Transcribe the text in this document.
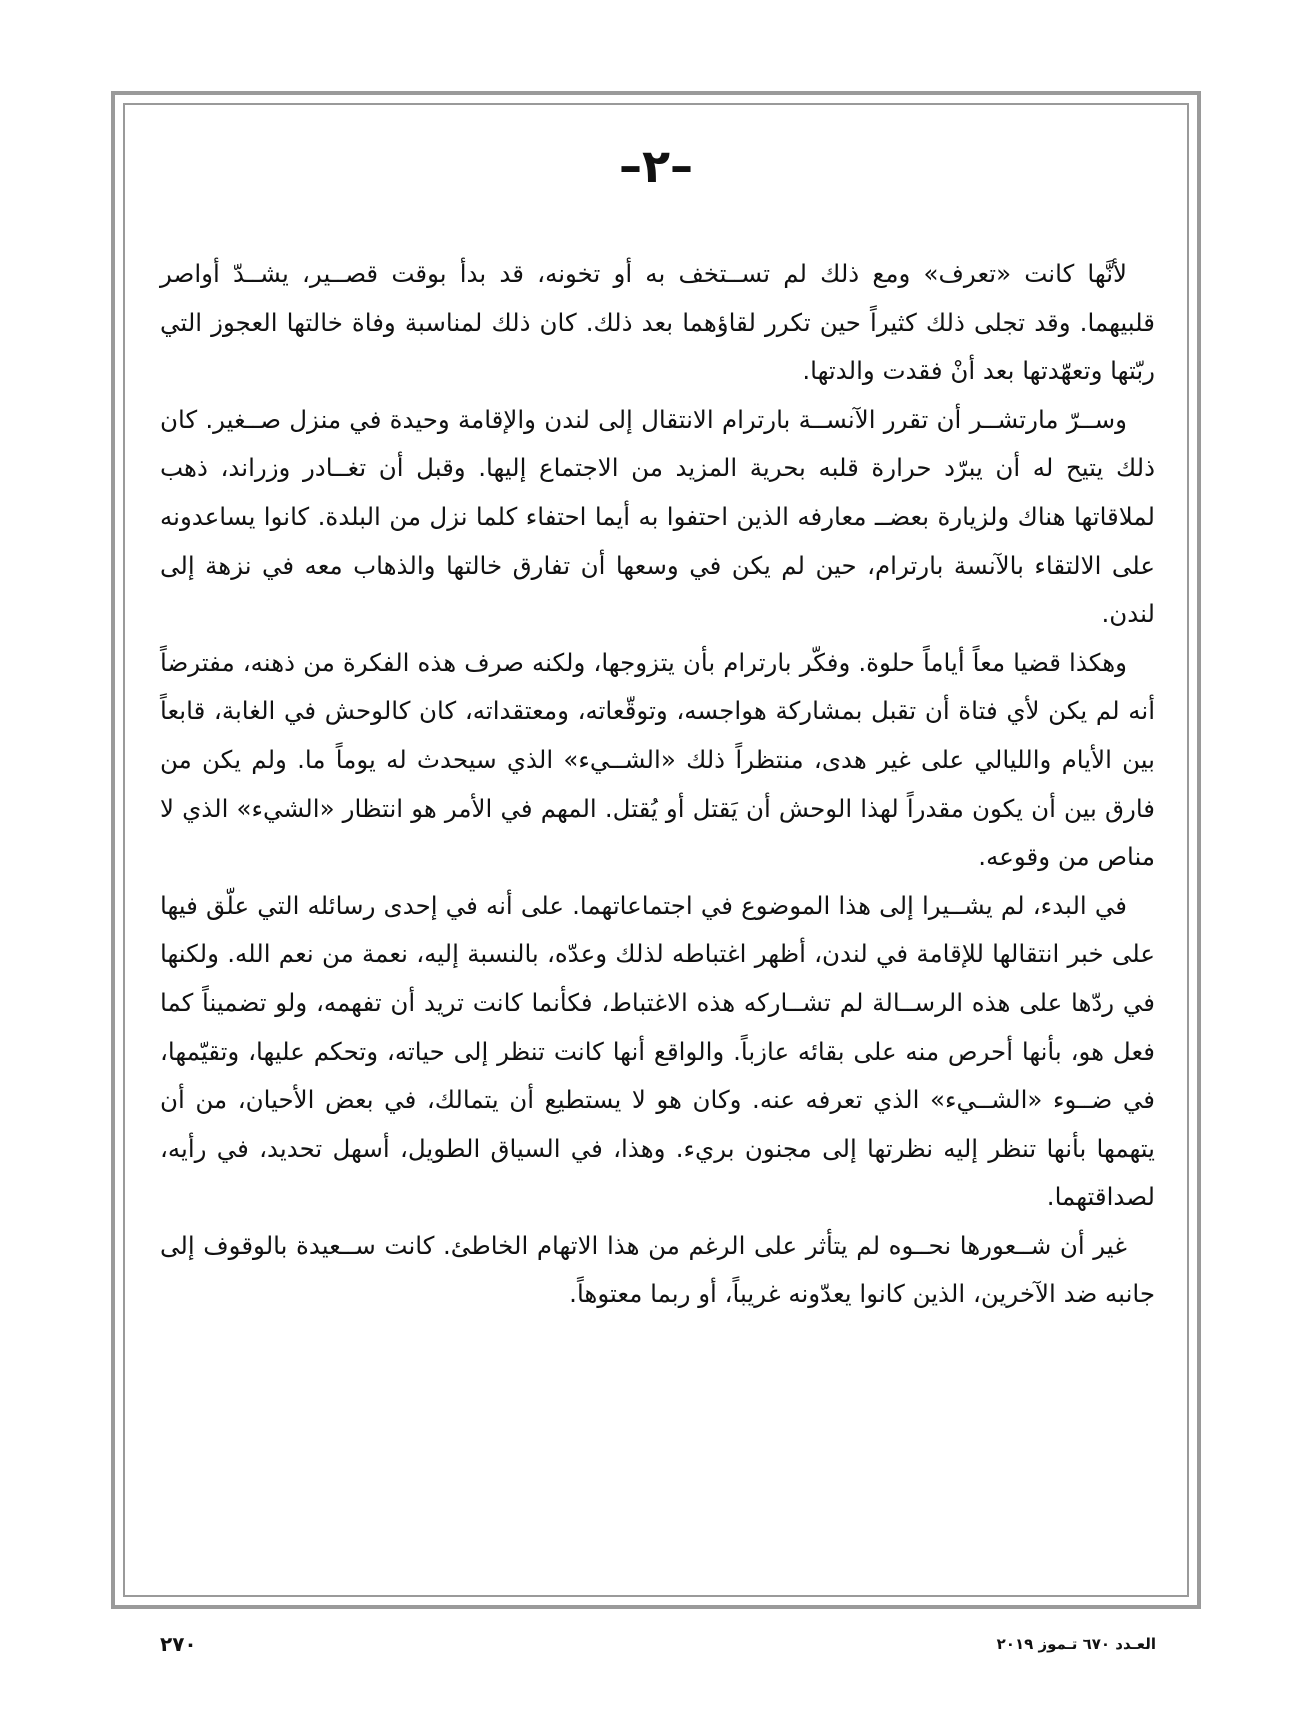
–٢–

لأنَّها كانت «تعرف» ومع ذلك لم تســتخف به أو تخونه، قد بدأ بوقت قصــير، يشــدّ أواصر قلبيهما. وقد تجلى ذلك كثيراً حين تكرر لقاؤهما بعد ذلك. كان ذلك لمناسبة وفاة خالتها العجوز التي ربّتها وتعهّدتها بعد أنْ فقدت والدتها.

وســرّ مارتشــر أن تقرر الآنســة بارترام الانتقال إلى لندن والإقامة وحيدة في منزل صــغير. كان ذلك يتيح له أن يبرّد حرارة قلبه بحرية المزيد من الاجتماع إليها. وقبل أن تغــادر وزراند، ذهب لملاقاتها هناك ولزيارة بعضــ معارفه الذين احتفوا به أيما احتفاء كلما نزل من البلدة. كانوا يساعدونه على الالتقاء بالآنسة بارترام، حين لم يكن في وسعها أن تفارق خالتها والذهاب معه في نزهة إلى لندن.

وهكذا قضيا معاً أياماً حلوة. وفكّر بارترام بأن يتزوجها، ولكنه صرف هذه الفكرة من ذهنه، مفترضاً أنه لم يكن لأي فتاة أن تقبل بمشاركة هواجسه، وتوقّعاته، ومعتقداته، كان كالوحش في الغابة، قابعاً بين الأيام والليالي على غير هدى، منتظراً ذلك «الشــيء» الذي سيحدث له يوماً ما. ولم يكن من فارق بين أن يكون مقدراً لهذا الوحش أن يَقتل أو يُقتل. المهم في الأمر هو انتظار «الشيء» الذي لا مناص من وقوعه.

في البدء، لم يشــيرا إلى هذا الموضوع في اجتماعاتهما. على أنه في إحدى رسائله التي علّق فيها على خبر انتقالها للإقامة في لندن، أظهر اغتباطه لذلك وعدّه، بالنسبة إليه، نعمة من نعم الله. ولكنها في ردّها على هذه الرســالة لم تشــاركه هذه الاغتباط، فكأنما كانت تريد أن تفهمه، ولو تضميناً كما فعل هو، بأنها أحرص منه على بقائه عازباً. والواقع أنها كانت تنظر إلى حياته، وتحكم عليها، وتقيّمها، في ضــوء «الشــيء» الذي تعرفه عنه. وكان هو لا يستطيع أن يتمالك، في بعض الأحيان، من أن يتهمها بأنها تنظر إليه نظرتها إلى مجنون بريء. وهذا، في السياق الطويل، أسهل تحديد، في رأيه، لصداقتهما.

غير أن شــعورها نحــوه لم يتأثر على الرغم من هذا الاتهام الخاطئ. كانت ســعيدة بالوقوف إلى جانبه ضد الآخرين، الذين كانوا يعدّونه غريباً، أو ربما معتوهاً.

٢٧٠	العـدد ٦٧٠ تـموز ٢٠١٩
